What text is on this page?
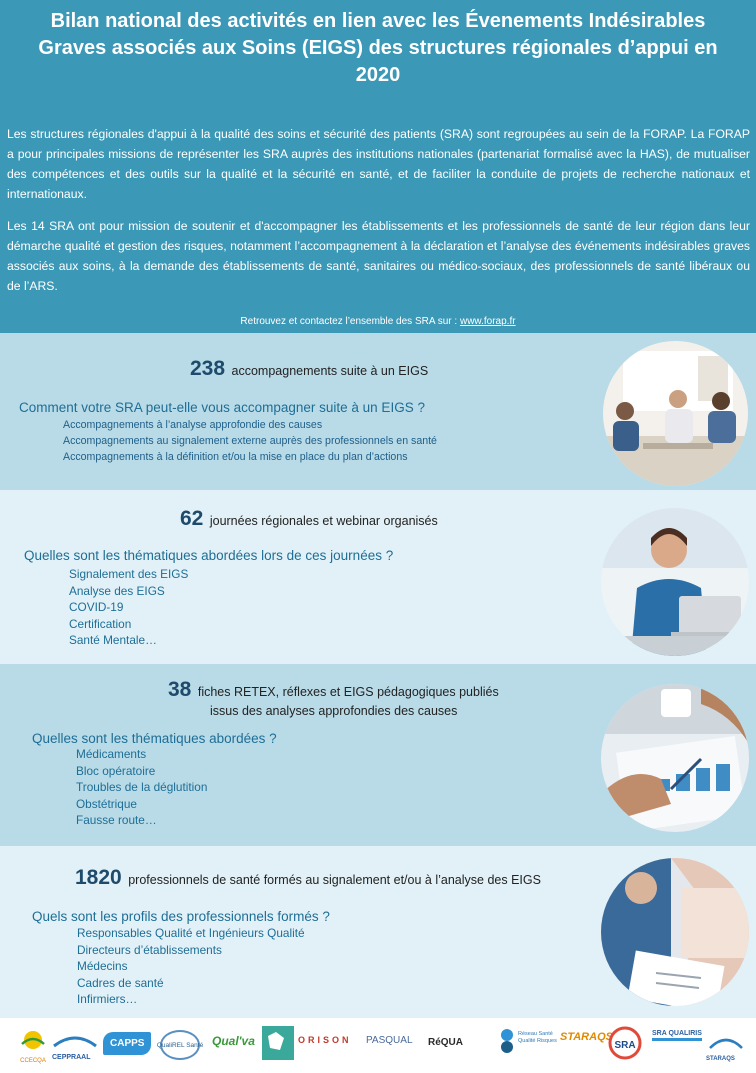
Bilan national des activités en lien avec les Évenements Indésirables Graves associés aux Soins (EIGS) des structures régionales d’appui en 2020

Les structures régionales d'appui à la qualité des soins et sécurité des patients (SRA) sont regroupées au sein de la FORAP. La FORAP a pour principales missions de représenter les SRA auprès des institutions nationales (partenariat formalisé avec la HAS), de mutualiser des compétences et des outils sur la qualité et la sécurité en santé, et de faciliter la conduite de projets de recherche nationaux et internationaux.

Les 14 SRA ont pour mission de soutenir et d'accompagner les établissements et les professionnels de santé de leur région dans leur démarche qualité et gestion des risques, notamment l’accompagnement à la déclaration et l’analyse des événements indésirables graves associés aux soins, à la demande des établissements de santé, sanitaires ou médico-sociaux, des professionnels de santé libéraux ou de l’ARS.

Retrouvez et contactez l’ensemble des SRA sur : www.forap.fr
238 accompagnements suite à un EIGS
Comment votre SRA peut-elle vous accompagner suite à un EIGS ?
Accompagnements à l’analyse approfondie des causes
Accompagnements au signalement externe auprès des professionnels en santé
Accompagnements à la définition et/ou la mise en place du plan d’actions
62 journées régionales et webinar organisés
Quelles sont les thématiques abordées lors de ces journées ?
Signalement des EIGS
Analyse des EIGS
COVID-19
Certification
Santé Mentale…
38 fiches RETEX, réflexes et EIGS pédagogiques publiés
issus des analyses approfondies des causes
Quelles sont les thématiques abordées ?
Médicaments
Bloc opératoire
Troubles de la déglutition
Obstétrique
Fausse route…
1820 professionnels de santé formés au signalement et/ou à l’analyse des EIGS
Quels sont les profils des professionnels formés ?
Responsables Qualité et Ingénieurs Qualité
Directeurs d’établissements
Médecins
Cadres de santé
Infirmiers…
CCECQA CEPPRAAL
CAPPS	QualiREL Santé Qual'va	ORISON PASQUAL RéQUA
Réseau Santé Qualité Risques STARAQS
SRA
SRA QUALIRIS
STARAQS
